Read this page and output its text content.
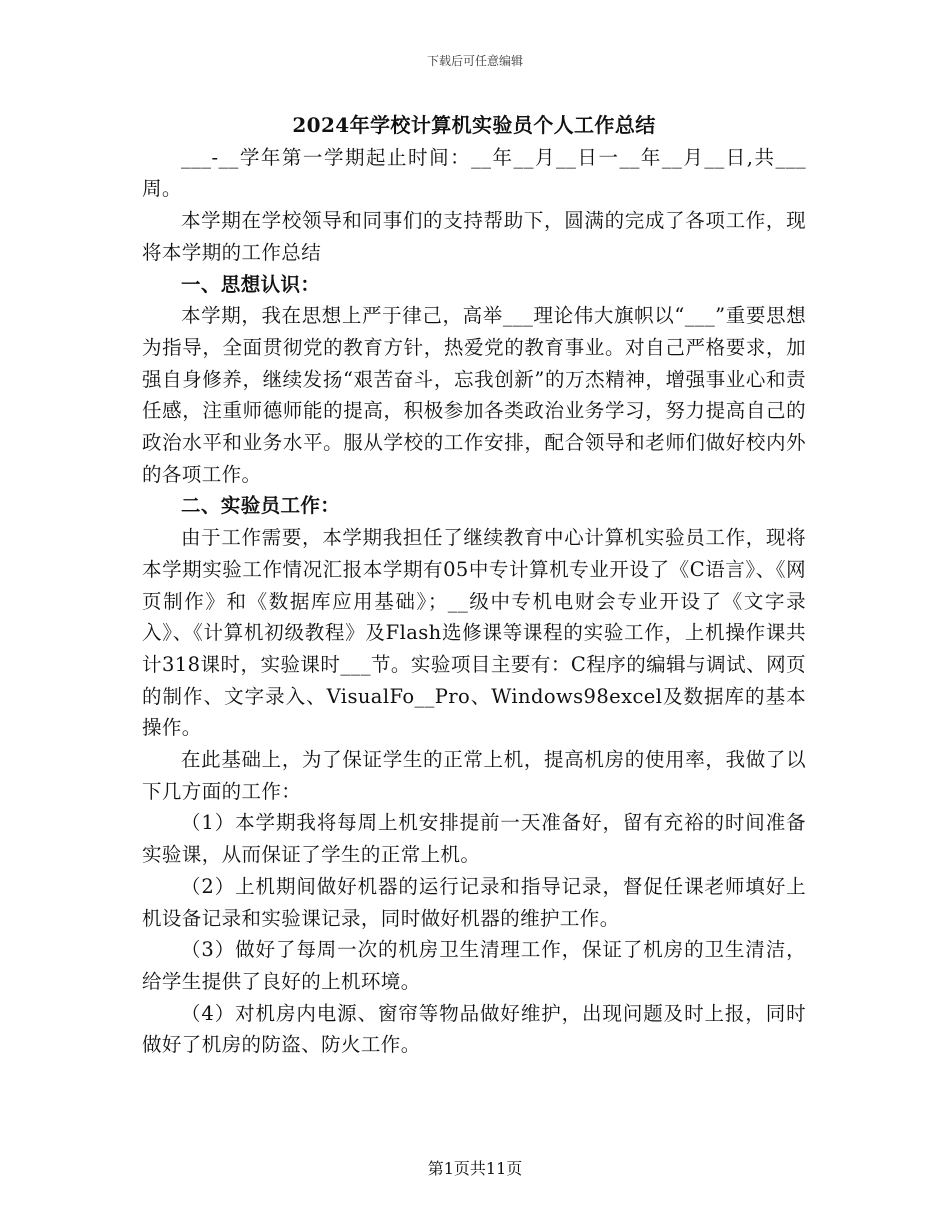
下载后可任意编辑
2024年学校计算机实验员个人工作总结

___-__学年第一学期起止时间：__年__月__日一__年__月__日,共___周。

本学期在学校领导和同事们的支持帮助下，圆满的完成了各项工作，现将本学期的工作总结

一、思想认识：

本学期，我在思想上严于律己，高举___理论伟大旗帜以“___”重要思想为指导，全面贯彻党的教育方针，热爱党的教育事业。对自己严格要求，加强自身修养，继续发扬“艰苦奋斗，忘我创新”的万杰精神，增强事业心和责任感，注重师德师能的提高，积极参加各类政治业务学习，努力提高自己的政治水平和业务水平。服从学校的工作安排，配合领导和老师们做好校内外的各项工作。

二、实验员工作：

由于工作需要，本学期我担任了继续教育中心计算机实验员工作，现将本学期实验工作情况汇报本学期有05中专计算机专业开设了《C语言》、《网页制作》和《数据库应用基础》；__级中专机电财会专业开设了《文字录入》、《计算机初级教程》及Flash选修课等课程的实验工作，上机操作课共计318课时，实验课时___节。实验项目主要有：C程序的编辑与调试、网页的制作、文字录入、VisualFo__Pro、Windows98excel及数据库的基本操作。

在此基础上，为了保证学生的正常上机，提高机房的使用率，我做了以下几方面的工作：

（1）本学期我将每周上机安排提前一天准备好，留有充裕的时间准备实验课，从而保证了学生的正常上机。

（2）上机期间做好机器的运行记录和指导记录，督促任课老师填好上机设备记录和实验课记录，同时做好机器的维护工作。

（3）做好了每周一次的机房卫生清理工作，保证了机房的卫生清洁，给学生提供了良好的上机环境。

（4）对机房内电源、窗帘等物品做好维护，出现问题及时上报，同时做好了机房的防盗、防火工作。

第1页共11页
